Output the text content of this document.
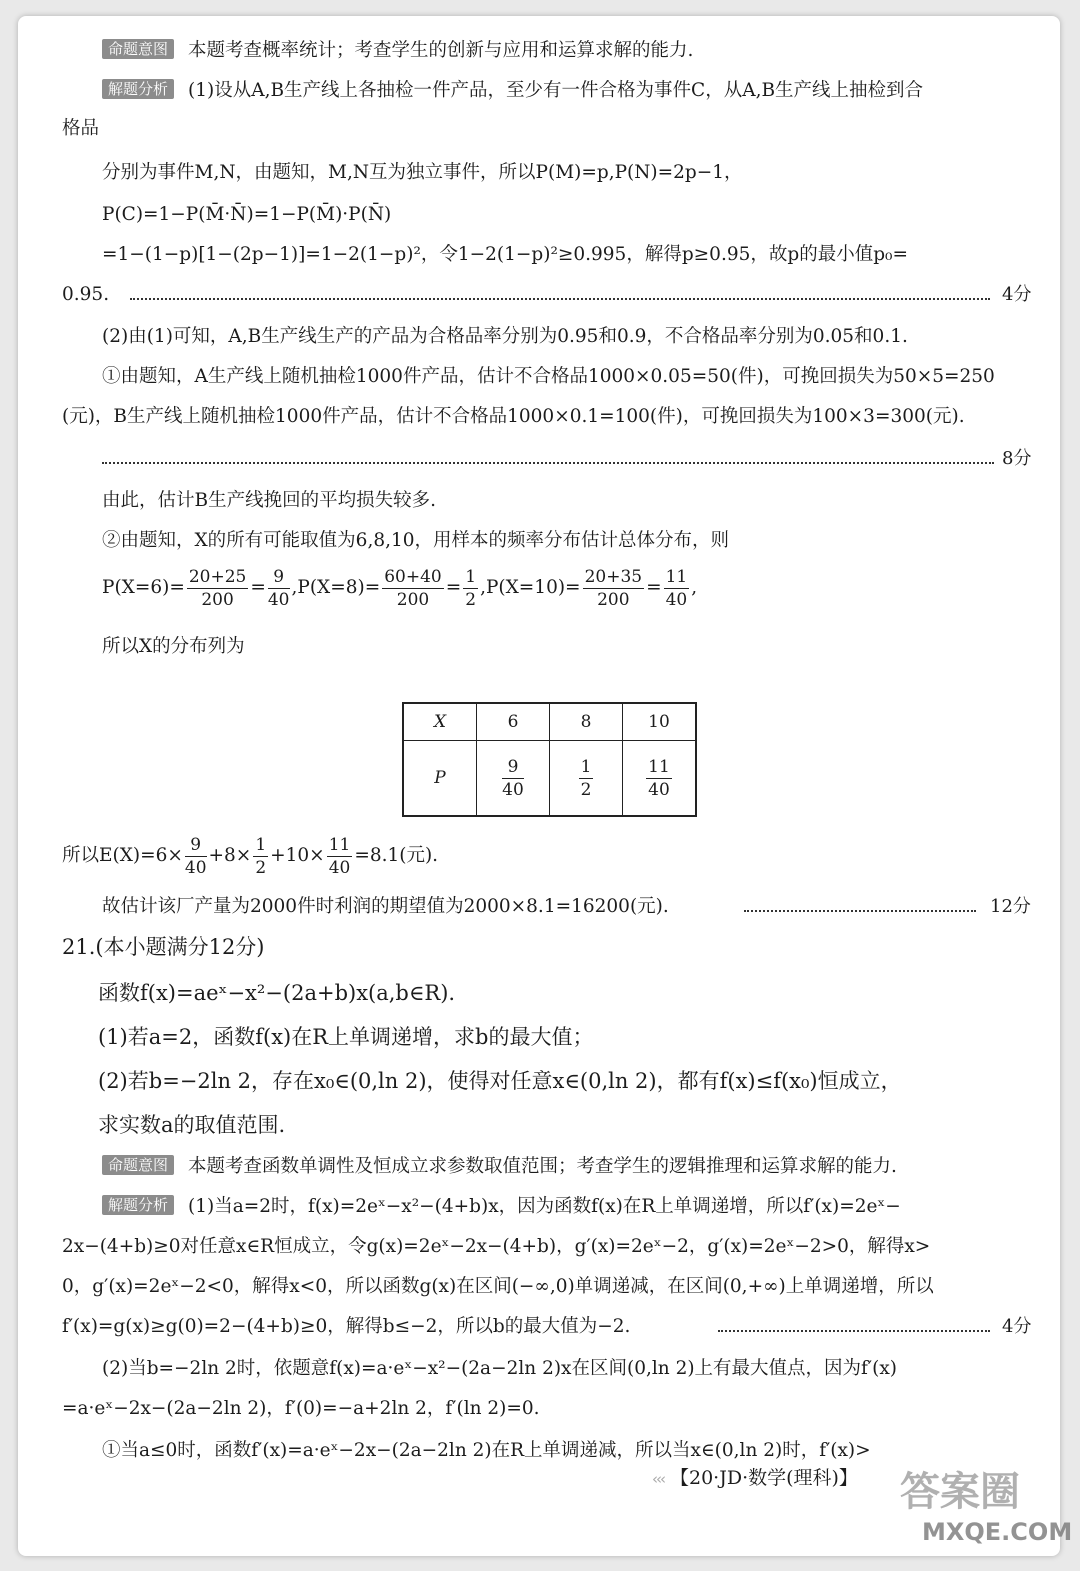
命题意图 本题考查概率统计；考查学生的创新与应用和运算求解的能力.
解题分析 (1)设从A,B生产线上各抽检一件产品，至少有一件合格为事件C，从A,B生产线上抽检到合
格品
分别为事件M,N，由题知，M,N互为独立事件，所以P(M)=p,P(N)=2p−1，
P(C)=1−P(M̄·N̄)=1−P(M̄)·P(N̄)
=1−(1−p)[1−(2p−1)]=1−2(1−p)²，令1−2(1−p)²≥0.995，解得p≥0.95，故p的最小值p₀=
0.95.	4分
(2)由(1)可知，A,B生产线生产的产品为合格品率分别为0.95和0.9，不合格品率分别为0.05和0.1.
①由题知，A生产线上随机抽检1000件产品，估计不合格品1000×0.05=50(件)，可挽回损失为50×5=250
(元)，B生产线上随机抽检1000件产品，估计不合格品1000×0.1=100(件)，可挽回损失为100×3=300(元).
8分
由此，估计B生产线挽回的平均损失较多.
②由题知，X的所有可能取值为6,8,10，用样本的频率分布估计总体分布，则
$P(X=6)= \frac{20+25}{200} = \frac{9}{40} ,P(X=8)= \frac{60+40}{200} = \frac{1}{2} ,P(X=10)= \frac{20+35}{200} = \frac{11}{40}$ ,
所以X的分布列为
X	6	8	10
P	$\frac{9}{40}$	$\frac{1}{2}$	$\frac{11}{40}$
所以$E(X)=6\times \frac{9}{40} +8\times \frac{1}{2} +10\times \frac{11}{40} =8.1$(元).
故估计该厂产量为2000件时利润的期望值为2000×8.1=16200(元).	12分
21.(本小题满分12分)
函数f(x)=aeˣ−x²−(2a+b)x(a,b∈R).
(1)若a=2，函数f(x)在R上单调递增，求b的最大值；
(2)若b=−2ln 2，存在x₀∈(0,ln 2)，使得对任意x∈(0,ln 2)，都有f(x)≤f(x₀)恒成立，
求实数a的取值范围.
命题意图 本题考查函数单调性及恒成立求参数取值范围；考查学生的逻辑推理和运算求解的能力.
解题分析 (1)当a=2时，f(x)=2eˣ−x²−(4+b)x，因为函数f(x)在R上单调递增，所以f′(x)=2eˣ−
2x−(4+b)≥0对任意x∈R恒成立，令g(x)=2eˣ−2x−(4+b)，g′(x)=2eˣ−2，g′(x)=2eˣ−2>0，解得x>
0，g′(x)=2eˣ−2<0，解得x<0，所以函数g(x)在区间(−∞,0)单调递减，在区间(0,+∞)上单调递增，所以
f′(x)=g(x)≥g(0)=2−(4+b)≥0，解得b≤−2，所以b的最大值为−2.	4分
(2)当b=−2ln 2时，依题意f(x)=a·eˣ−x²−(2a−2ln 2)x在区间(0,ln 2)上有最大值点，因为f′(x)
=a·eˣ−2x−(2a−2ln 2)，f′(0)=−a+2ln 2，f′(ln 2)=0.
①当a≤0时，函数f′(x)=a·eˣ−2x−(2a−2ln 2)在R上单调递减，所以当x∈(0,ln 2)时，f′(x)>
‹‹‹ 【20·JD·数学(理科)】 答案圈
MXQE.COM
